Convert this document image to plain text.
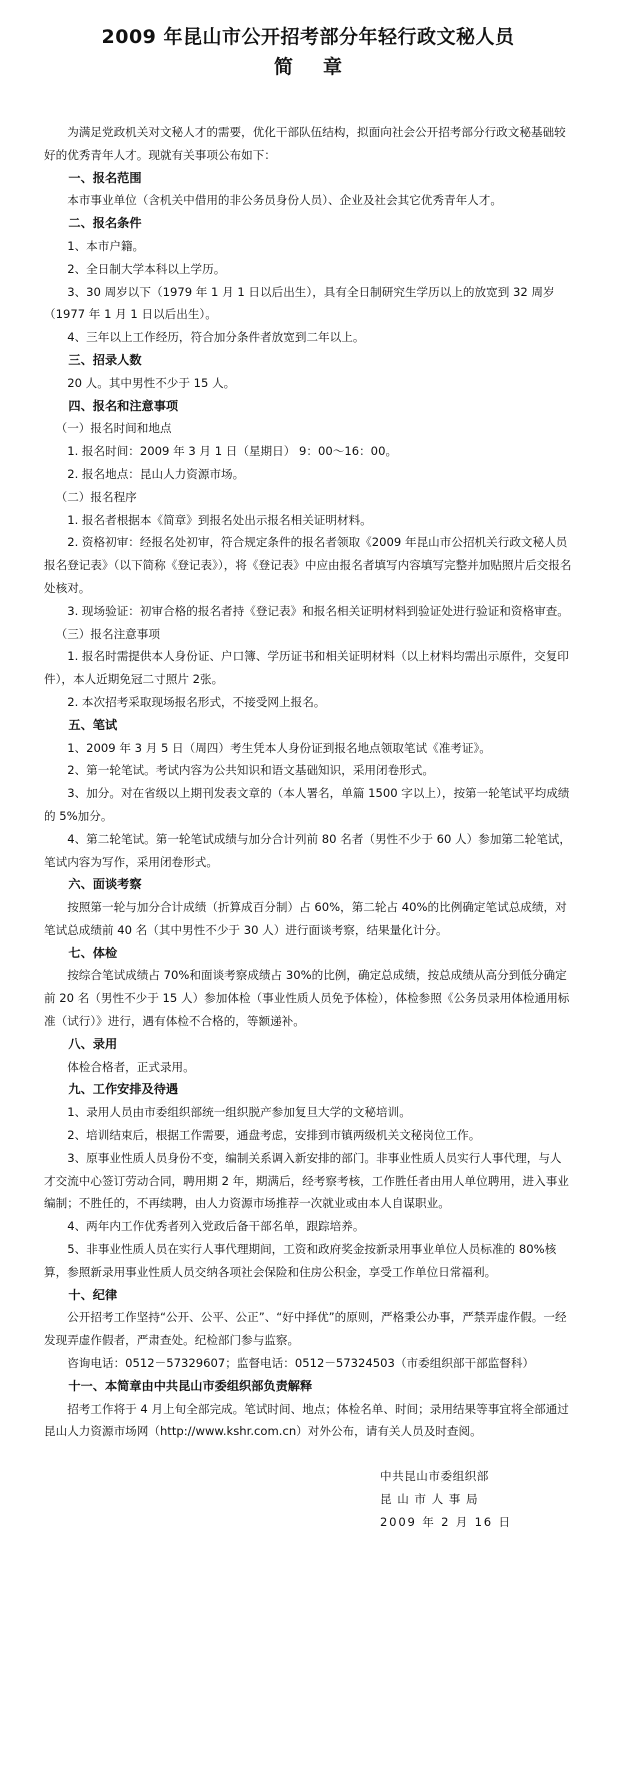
2009 年昆山市公开招考部分年轻行政文秘人员
简章

为满足党政机关对文秘人才的需要，优化干部队伍结构，拟面向社会公开招考部分行政文秘基础较好的优秀青年人才。现就有关事项公布如下：

一、报名范围

本市事业单位（含机关中借用的非公务员身份人员）、企业及社会其它优秀青年人才。

二、报名条件

1、本市户籍。

2、全日制大学本科以上学历。

3、30 周岁以下（1979 年 1 月 1 日以后出生），具有全日制研究生学历以上的放宽到 32 周岁（1977 年 1 月 1 日以后出生）。

4、三年以上工作经历，符合加分条件者放宽到二年以上。

三、招录人数

20 人。其中男性不少于 15 人。

四、报名和注意事项

（一）报名时间和地点

1. 报名时间：2009 年 3 月 1 日（星期日） 9：00～16：00。

2. 报名地点：昆山人力资源市场。

（二）报名程序

1. 报名者根据本《简章》到报名处出示报名相关证明材料。

2. 资格初审：经报名处初审，符合规定条件的报名者领取《2009 年昆山市公招机关行政文秘人员报名登记表》（以下简称《登记表》），将《登记表》中应由报名者填写内容填写完整并加贴照片后交报名处核对。

3. 现场验证：初审合格的报名者持《登记表》和报名相关证明材料到验证处进行验证和资格审查。

（三）报名注意事项

1. 报名时需提供本人身份证、户口簿、学历证书和相关证明材料（以上材料均需出示原件，交复印件），本人近期免冠二寸照片 2张。

2. 本次招考采取现场报名形式，不接受网上报名。

五、笔试

1、2009 年 3 月 5 日（周四）考生凭本人身份证到报名地点领取笔试《准考证》。

2、第一轮笔试。考试内容为公共知识和语文基础知识，采用闭卷形式。

3、加分。对在省级以上期刊发表文章的（本人署名，单篇 1500 字以上），按第一轮笔试平均成绩的 5%加分。

4、第二轮笔试。第一轮笔试成绩与加分合计列前 80 名者（男性不少于 60 人）参加第二轮笔试，笔试内容为写作，采用闭卷形式。

六、面谈考察

按照第一轮与加分合计成绩（折算成百分制）占 60%，第二轮占 40%的比例确定笔试总成绩，对笔试总成绩前 40 名（其中男性不少于 30 人）进行面谈考察，结果量化计分。

七、体检

按综合笔试成绩占 70%和面谈考察成绩占 30%的比例，确定总成绩，按总成绩从高分到低分确定前 20 名（男性不少于 15 人）参加体检（事业性质人员免予体检），体检参照《公务员录用体检通用标准（试行）》进行，遇有体检不合格的，等额递补。

八、录用

体检合格者，正式录用。

九、工作安排及待遇

1、录用人员由市委组织部统一组织脱产参加复旦大学的文秘培训。

2、培训结束后，根据工作需要，通盘考虑，安排到市镇两级机关文秘岗位工作。

3、原事业性质人员身份不变，编制关系调入新安排的部门。非事业性质人员实行人事代理，与人才交流中心签订劳动合同，聘用期 2 年，期满后，经考察考核，工作胜任者由用人单位聘用，进入事业编制；不胜任的，不再续聘，由人力资源市场推荐一次就业或由本人自谋职业。

4、两年内工作优秀者列入党政后备干部名单，跟踪培养。

5、非事业性质人员在实行人事代理期间，工资和政府奖金按新录用事业单位人员标准的 80%核算，参照新录用事业性质人员交纳各项社会保险和住房公积金，享受工作单位日常福利。

十、纪律

公开招考工作坚持“公开、公平、公正”、“好中择优”的原则，严格秉公办事，严禁弄虚作假。一经发现弄虚作假者，严肃查处。纪检部门参与监察。

咨询电话：0512－57329607；监督电话：0512－57324503（市委组织部干部监督科）

十一、本简章由中共昆山市委组织部负责解释

招考工作将于 4 月上旬全部完成。笔试时间、地点；体检名单、时间；录用结果等事宜将全部通过昆山人力资源市场网（http://www.kshr.com.cn）对外公布，请有关人员及时查阅。

中共昆山市委组织部
昆山市人事局
2009 年 2 月 16 日
